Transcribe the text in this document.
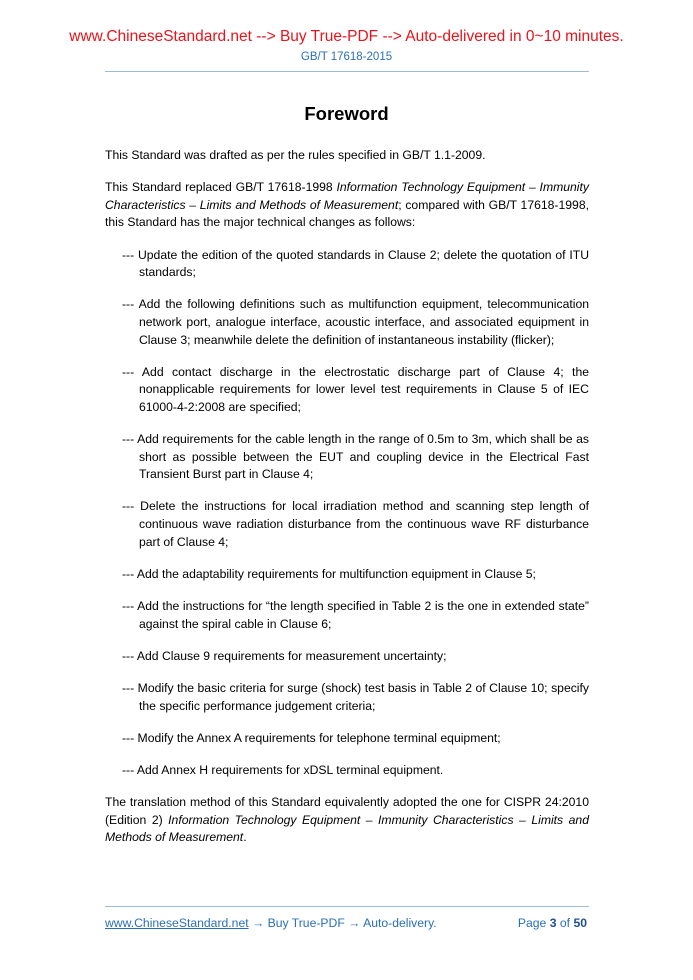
www.ChineseStandard.net --> Buy True-PDF --> Auto-delivered in 0~10 minutes.
GB/T 17618-2015
Foreword

This Standard was drafted as per the rules specified in GB/T 1.1-2009.

This Standard replaced GB/T 17618-1998 Information Technology Equipment – Immunity Characteristics – Limits and Methods of Measurement; compared with GB/T 17618-1998, this Standard has the major technical changes as follows:

--- Update the edition of the quoted standards in Clause 2; delete the quotation of ITU standards;
--- Add the following definitions such as multifunction equipment, telecommunication network port, analogue interface, acoustic interface, and associated equipment in Clause 3; meanwhile delete the definition of instantaneous instability (flicker);
--- Add contact discharge in the electrostatic discharge part of Clause 4; the nonapplicable requirements for lower level test requirements in Clause 5 of IEC 61000-4-2:2008 are specified;
--- Add requirements for the cable length in the range of 0.5m to 3m, which shall be as short as possible between the EUT and coupling device in the Electrical Fast Transient Burst part in Clause 4;
--- Delete the instructions for local irradiation method and scanning step length of continuous wave radiation disturbance from the continuous wave RF disturbance part of Clause 4;
--- Add the adaptability requirements for multifunction equipment in Clause 5;
--- Add the instructions for “the length specified in Table 2 is the one in extended state” against the spiral cable in Clause 6;
--- Add Clause 9 requirements for measurement uncertainty;
--- Modify the basic criteria for surge (shock) test basis in Table 2 of Clause 10; specify the specific performance judgement criteria;
--- Modify the Annex A requirements for telephone terminal equipment;
--- Add Annex H requirements for xDSL terminal equipment.

The translation method of this Standard equivalently adopted the one for CISPR 24:2010 (Edition 2) Information Technology Equipment – Immunity Characteristics – Limits and Methods of Measurement.

www.ChineseStandard.net → Buy True-PDF → Auto-delivery.	Page 3 of 50
